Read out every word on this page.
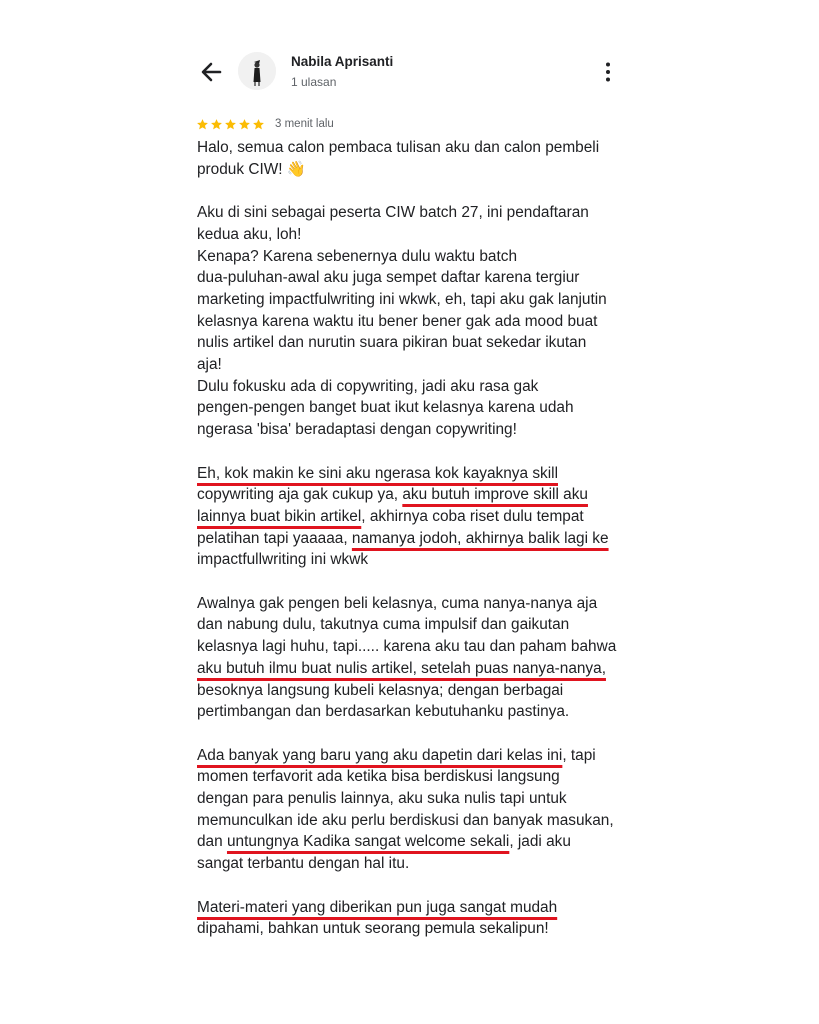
Nabila Aprisanti
1 ulasan
3 menit lalu
Halo, semua calon pembaca tulisan aku dan calon pembeli
produk CIW! 👋
Aku di sini sebagai peserta CIW batch 27, ini pendaftaran
kedua aku, loh!
Kenapa? Karena sebenernya dulu waktu batch
dua-puluhan-awal aku juga sempet daftar karena tergiur
marketing impactfulwriting ini wkwk, eh, tapi aku gak lanjutin
kelasnya karena waktu itu bener bener gak ada mood buat
nulis artikel dan nurutin suara pikiran buat sekedar ikutan
aja!
Dulu fokusku ada di copywriting, jadi aku rasa gak
pengen-pengen banget buat ikut kelasnya karena udah
ngerasa 'bisa' beradaptasi dengan copywriting!
Eh, kok makin ke sini aku ngerasa kok kayaknya skill
copywriting aja gak cukup ya, aku butuh improve skill aku
lainnya buat bikin artikel, akhirnya coba riset dulu tempat
pelatihan tapi yaaaaa, namanya jodoh, akhirnya balik lagi ke
impactfullwriting ini wkwk
Awalnya gak pengen beli kelasnya, cuma nanya-nanya aja
dan nabung dulu, takutnya cuma impulsif dan gaikutan
kelasnya lagi huhu, tapi..... karena aku tau dan paham bahwa
aku butuh ilmu buat nulis artikel, setelah puas nanya-nanya,
besoknya langsung kubeli kelasnya; dengan berbagai
pertimbangan dan berdasarkan kebutuhanku pastinya.
Ada banyak yang baru yang aku dapetin dari kelas ini, tapi
momen terfavorit ada ketika bisa berdiskusi langsung
dengan para penulis lainnya, aku suka nulis tapi untuk
memunculkan ide aku perlu berdiskusi dan banyak masukan,
dan untungnya Kadika sangat welcome sekali, jadi aku
sangat terbantu dengan hal itu.
Materi-materi yang diberikan pun juga sangat mudah
dipahami, bahkan untuk seorang pemula sekalipun!
